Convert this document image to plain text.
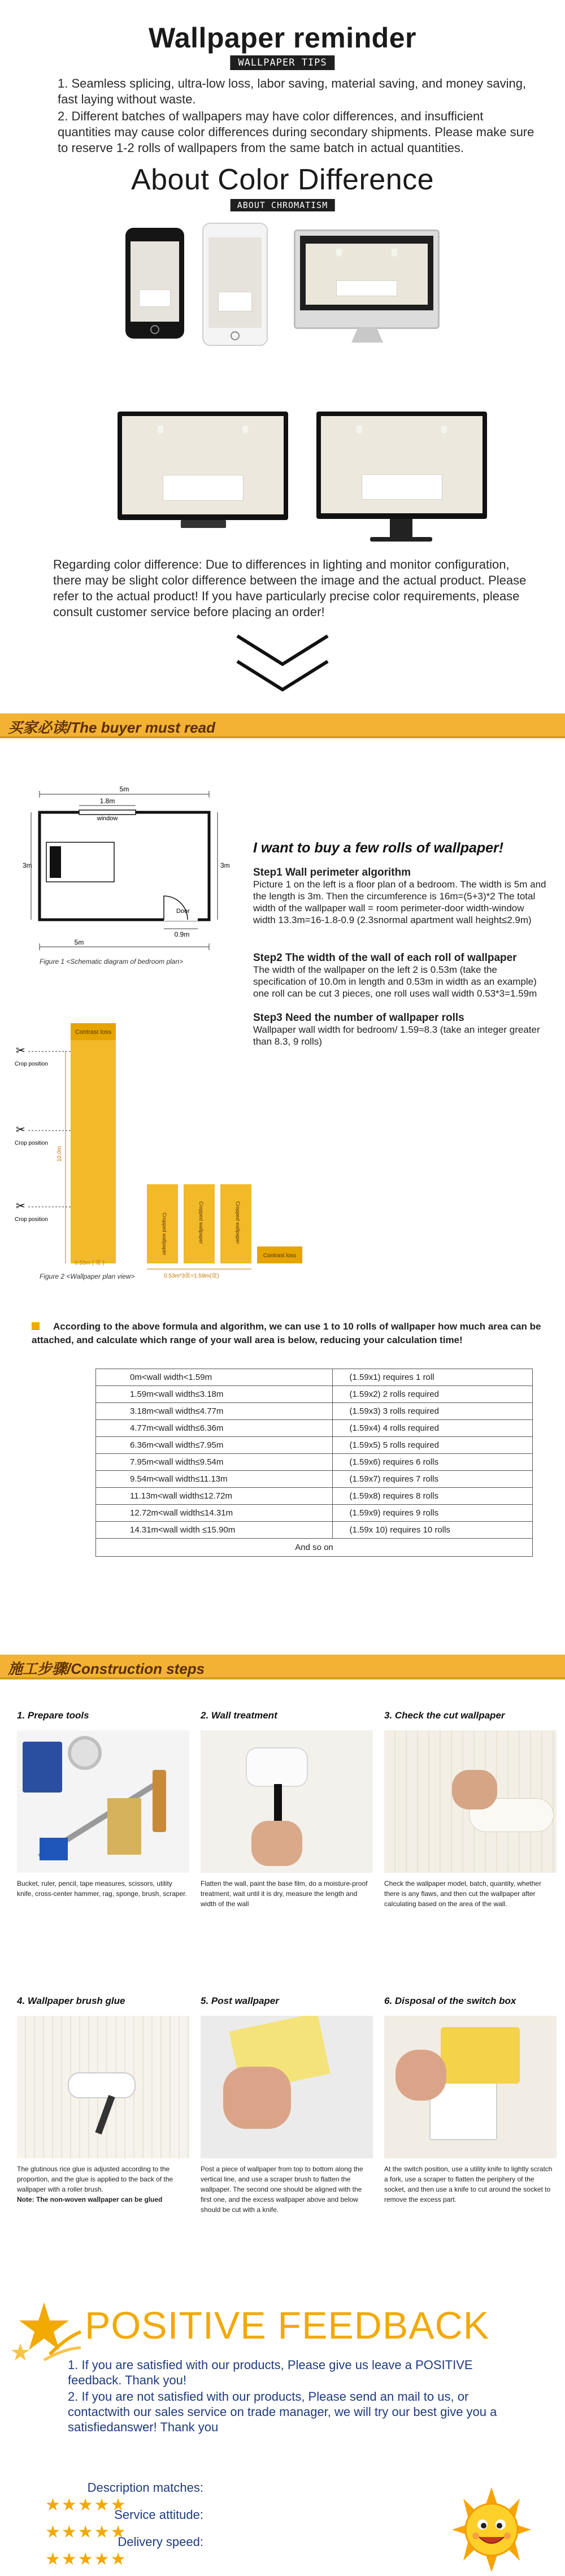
Wallpaper reminder
WALLPAPER TIPS
1. Seamless splicing, ultra-low loss, labor saving, material saving, and money saving, fast laying without waste.
2. Different batches of wallpapers may have color differences, and insufficient quantities may cause color differences during secondary shipments. Please make sure to reserve 1-2 rolls of wallpapers from the same batch in actual quantities.
About Color Difference
ABOUT CHROMATISM

Regarding color difference: Due to differences in lighting and monitor configuration, there may be slight color difference between the image and the actual product. Please refer to the actual product! If you have particularly precise color requirements, please consult customer service before placing an order!

买家必读/The buyer must read
5m
1.8m
window
Door
0.9m
3m	3m
5m
Figure 1 <Schematic diagram of bedroom plan>
I want to buy a few rolls of wallpaper!
Step1 Wall perimeter algorithm

Picture 1 on the left is a floor plan of a bedroom. The width is 5m and the length is 3m. Then the circumference is 16m=(5+3)*2 The total width of the wallpaper wall = room perimeter-door width-window width 13.3m=16-1.8-0.9 (2.3snormal apartment wall height≤2.9m)

Step2 The width of the wall of each roll of wallpaper

The width of the wallpaper on the left 2 is 0.53m (take the specification of 10.0m in length and 0.53m in width as an example) one roll can be cut 3 pieces, one roll uses wall width 0.53*3=1.59m

Step3 Need the number of wallpaper rolls

Wallpaper wall width for bedroom/ 1.59≈8.3 (take an integer greater than 8.3, 9 rolls)

Contrast loss
✂
✂
✂
Crop position
Crop position
Crop position
10.0m
0.53m ( 宽 )
Cropped wallpaper	Cropped wallpaper	Cropped wallpaper
Contrast loss
0.53m*3张=1.59m(宽)
Figure 2 <Wallpaper plan view>
According to the above formula and algorithm, we can use 1 to 10 rolls of wallpaper how much area can be attached, and calculate which range of your wall area is below, reducing your calculation time!
0m<wall width<1.59m	(1.59x1) requires 1 roll
1.59m<wall width≤3.18m	(1.59x2) 2 rolls required
3.18m<wall width≤4.77m	(1.59x3) 3 rolls required
4.77m<wall width≤6.36m	(1.59x4) 4 rolls required
6.36m<wall width≤7.95m	(1.59x5) 5 rolls required
7.95m<wall width≤9.54m	(1.59x6) requires 6 rolls
9.54m<wall width≤11.13m	(1.59x7) requires 7 rolls
11.13m<wall width≤12.72m	(1.59x8) requires 8 rolls
12.72m<wall width≤14.31m	(1.59x9) requires 9 rolls
14.31m<wall width ≤15.90m	(1.59x 10) requires 10 rolls
And so on	
施工步骤/Construction steps
1. Prepare tools
Bucket, ruler, pencil, tape measures, scissors, utility knife, cross-center hammer, rag, sponge, brush, scraper.
2. Wall treatment
Flatten the wall, paint the base film, do a moisture-proof treatment, wait until it is dry, measure the length and width of the wall
3. Check the cut wallpaper
Check the wallpaper model, batch, quantity, whether there is any flaws, and then cut the wallpaper after calculating based on the area of the wall.
4. Wallpaper brush glue
The glutinous rice glue is adjusted according to the proportion, and the glue is applied to the back of the wallpaper with a roller brush.
Note: The non-woven wallpaper can be glued
5. Post wallpaper
Post a piece of wallpaper from top to bottom along the vertical line, and use a scraper brush to flatten the wallpaper. The second one should be aligned with the first one, and the excess wallpaper above and below should be cut with a knife.
6. Disposal of the switch box
At the switch position, use a utility knife to lightly scratch a fork, use a scraper to flatten the periphery of the socket, and then use a knife to cut around the socket to remove the excess part.
POSITIVE FEEDBACK
1. If you are satisfied with our products, Please give us leave a POSITIVE feedback. Thank you!
2. If you are not satisfied with our products, Please send an mail to us, or contactwith our sales service on trade manager, we will try our best give you a satisfiedanswer! Thank you
Description matches:★★★★★
Service attitude:★★★★★
Delivery speed:★★★★★
